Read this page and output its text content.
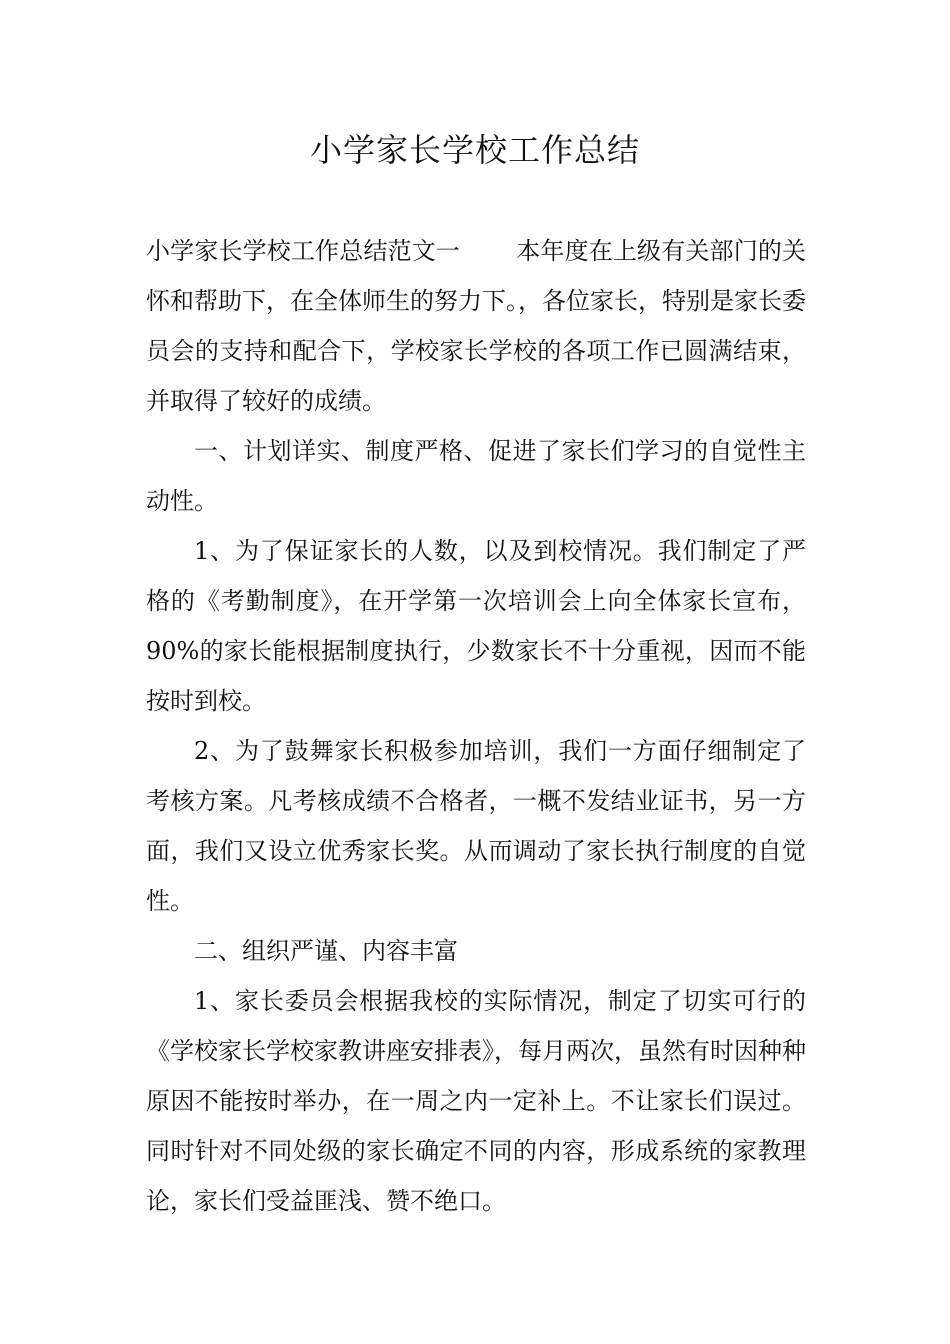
小学家长学校工作总结

小学家长学校工作总结范文一 本年度在上级有关部门的关怀和帮助下，在全体师生的努力下。，各位家长，特别是家长委员会的支持和配合下，学校家长学校的各项工作已圆满结束，并取得了较好的成绩。

一、计划详实、制度严格、促进了家长们学习的自觉性主动性。

1、为了保证家长的人数，以及到校情况。我们制定了严格的《考勤制度》，在开学第一次培训会上向全体家长宣布，90%的家长能根据制度执行，少数家长不十分重视，因而不能按时到校。

2、为了鼓舞家长积极参加培训，我们一方面仔细制定了考核方案。凡考核成绩不合格者，一概不发结业证书，另一方面，我们又设立优秀家长奖。从而调动了家长执行制度的自觉性。

二、组织严谨、内容丰富

1、家长委员会根据我校的实际情况，制定了切实可行的《学校家长学校家教讲座安排表》，每月两次，虽然有时因种种原因不能按时举办，在一周之内一定补上。不让家长们误过。同时针对不同处级的家长确定不同的内容，形成系统的家教理论，家长们受益匪浅、赞不绝口。
